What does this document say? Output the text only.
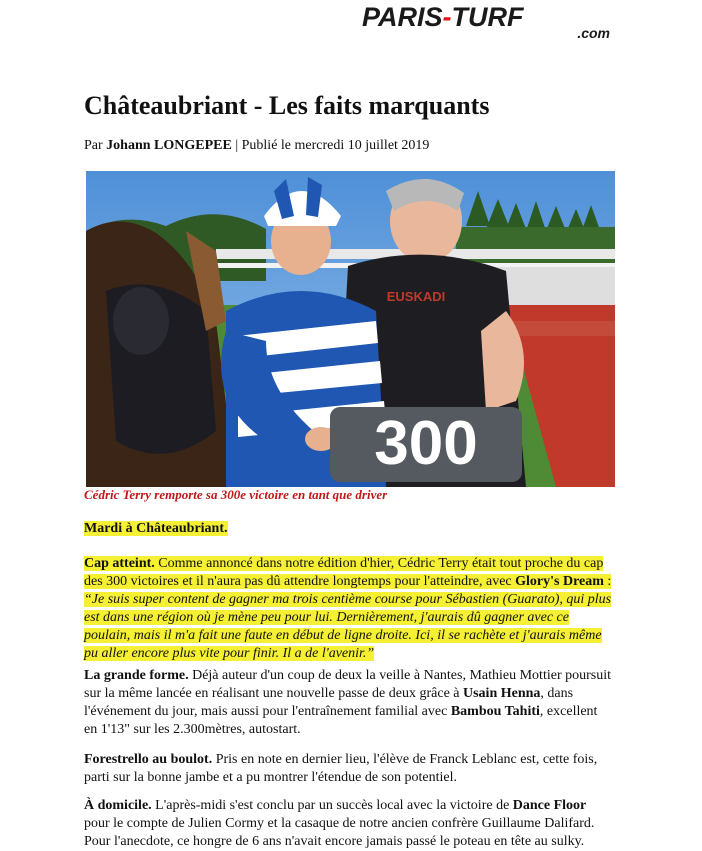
PARIS-TURF
.com
Châteaubriant - Les faits marquants
Par Johann LONGEPEE | Publié le mercredi 10 juillet 2019
300
EUSKADI
Cédric Terry remporte sa 300e victoire en tant que driver
Mardi à Châteaubriant.
Cap atteint. Comme annoncé dans notre édition d'hier, Cédric Terry était tout proche du cap
des 300 victoires et il n'aura pas dû attendre longtemps pour l'atteindre, avec Glory's Dream :
“Je suis super content de gagner ma trois centième course pour Sébastien (Guarato), qui plus
est dans une région où je mène peu pour lui. Dernièrement, j'aurais dû gagner avec ce
poulain, mais il m'a fait une faute en début de ligne droite. Ici, il se rachète et j'aurais même
pu aller encore plus vite pour finir. Il a de l'avenir.”
La grande forme. Déjà auteur d'un coup de deux la veille à Nantes, Mathieu Mottier poursuit
sur la même lancée en réalisant une nouvelle passe de deux grâce à Usain Henna, dans
l'événement du jour, mais aussi pour l'entraînement familial avec Bambou Tahiti, excellent
en 1'13" sur les 2.300mètres, autostart.
Forestrello au boulot. Pris en note en dernier lieu, l'élève de Franck Leblanc est, cette fois,
parti sur la bonne jambe et a pu montrer l'étendue de son potentiel.
À domicile. L'après-midi s'est conclu par un succès local avec la victoire de Dance Floor
pour le compte de Julien Cormy et la casaque de notre ancien confrère Guillaume Dalifard.
Pour l'anecdote, ce hongre de 6 ans n'avait encore jamais passé le poteau en tête au sulky.
